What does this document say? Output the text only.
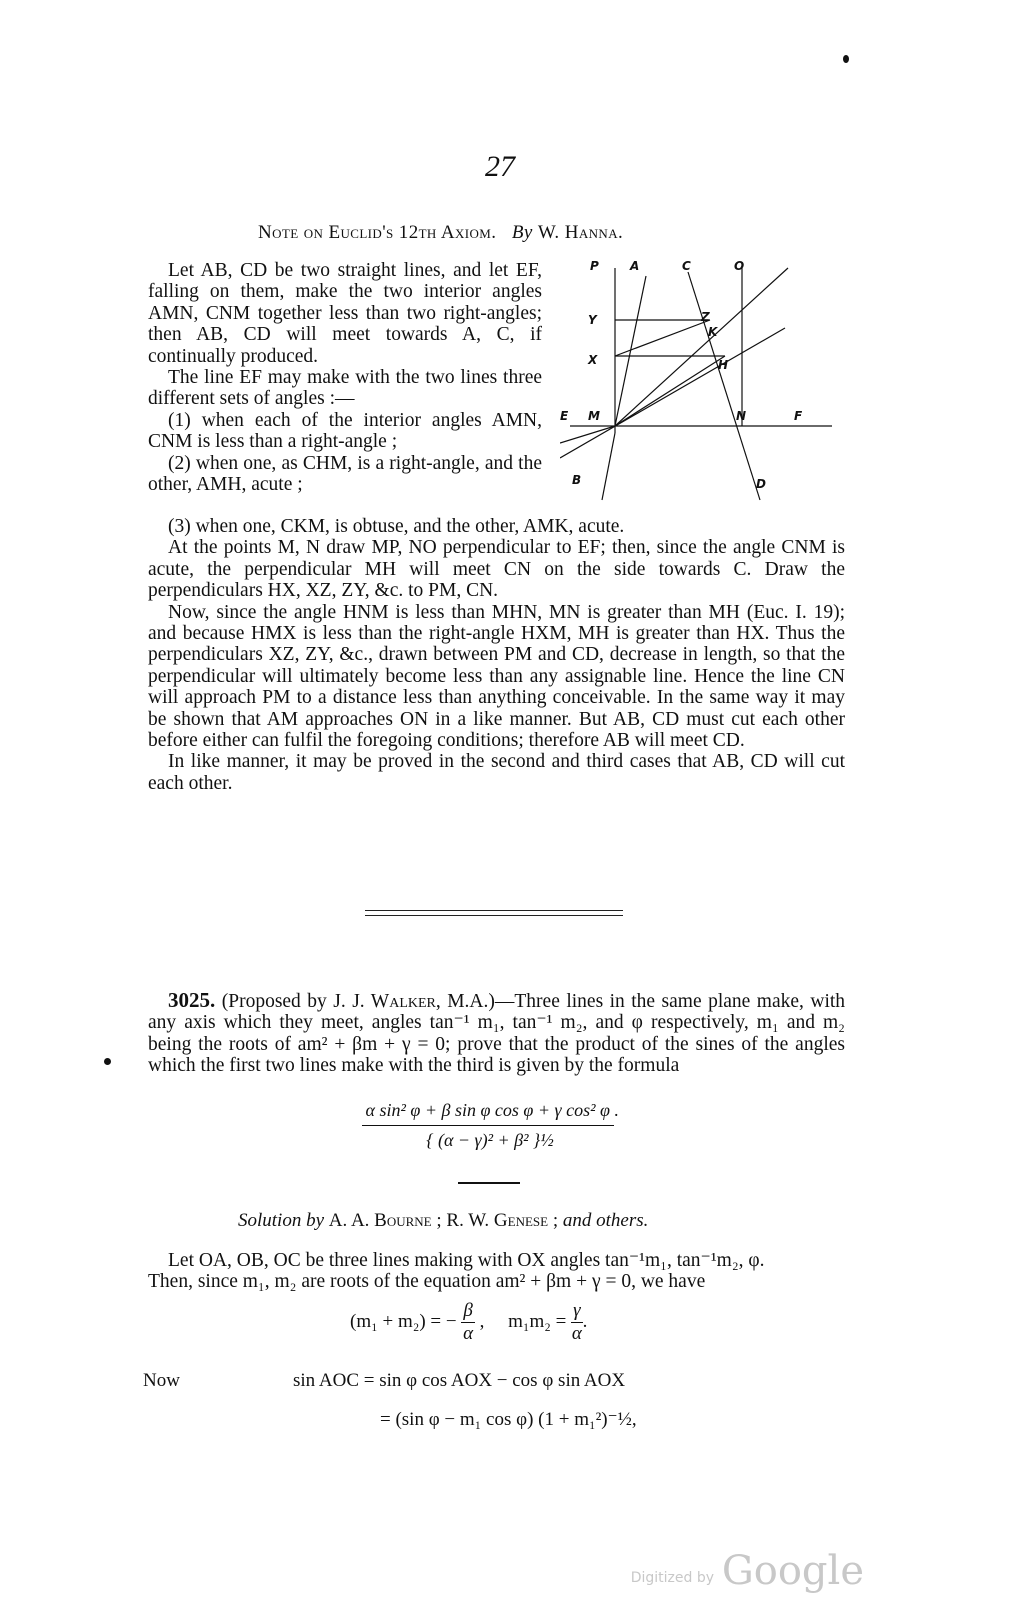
27
Note on Euclid's 12th Axiom. By W. Hanna.

Let AB, CD be two straight lines, and let EF, falling on them, make the two interior angles AMN, CNM together less than two right-angles; then AB, CD will meet towards A, C, if continually produced.

The line EF may make with the two lines three different sets of angles :—

(1) when each of the interior angles AMN, CNM is less than a right-angle ;

(2) when one, as CHM, is a right-angle, and the other, AMH, acute ;

P	A	C	O
Y	Z
K
X	H
E M	N	F
B	D

(3) when one, CKM, is obtuse, and the other, AMK, acute.

At the points M, N draw MP, NO perpendicular to EF; then, since the angle CNM is acute, the perpendicular MH will meet CN on the side towards C. Draw the perpendiculars HX, XZ, ZY, &c. to PM, CN.

Now, since the angle HNM is less than MHN, MN is greater than MH (Euc. I. 19); and because HMX is less than the right-angle HXM, MH is greater than HX. Thus the perpendiculars XZ, ZY, &c., drawn between PM and CD, decrease in length, so that the perpendicular will ultimately become less than any assignable line. Hence the line CN will approach PM to a distance less than anything conceivable. In the same way it may be shown that AM approaches ON in a like manner. But AB, CD must cut each other before either can fulfil the foregoing conditions; therefore AB will meet CD.

In like manner, it may be proved in the second and third cases that AB, CD will cut each other.

3025. (Proposed by J. J. Walker, M.A.)—Three lines in the same plane make, with any axis which they meet, angles tan⁻¹ m₁, tan⁻¹ m₂, and φ respectively, m₁ and m₂ being the roots of am² + βm + γ = 0; prove that the product of the sines of the angles which the first two lines make with the third is given by the formula

α sin² φ + β sin φ cos φ + γ cos² φ .
{ (α − γ)² + β² }½
Solution by A. A. Bourne ; R. W. Genese ; and others.

Let OA, OB, OC be three lines making with OX angles tan⁻¹m₁, tan⁻¹m₂, φ.

Then, since m₁, m₂ are roots of the equation am² + βm + γ = 0, we have

(m₁ + m₂) = − $\frac{\beta}{\alpha}$ ,     $m_1m_2 = \frac{\gamma}{\alpha}$ .
Now	sin AOC = sin φ cos AOX − cos φ sin AOX
= (sin φ − m₁ cos φ) (1 + m₁²)⁻½,
Digitized by Google
